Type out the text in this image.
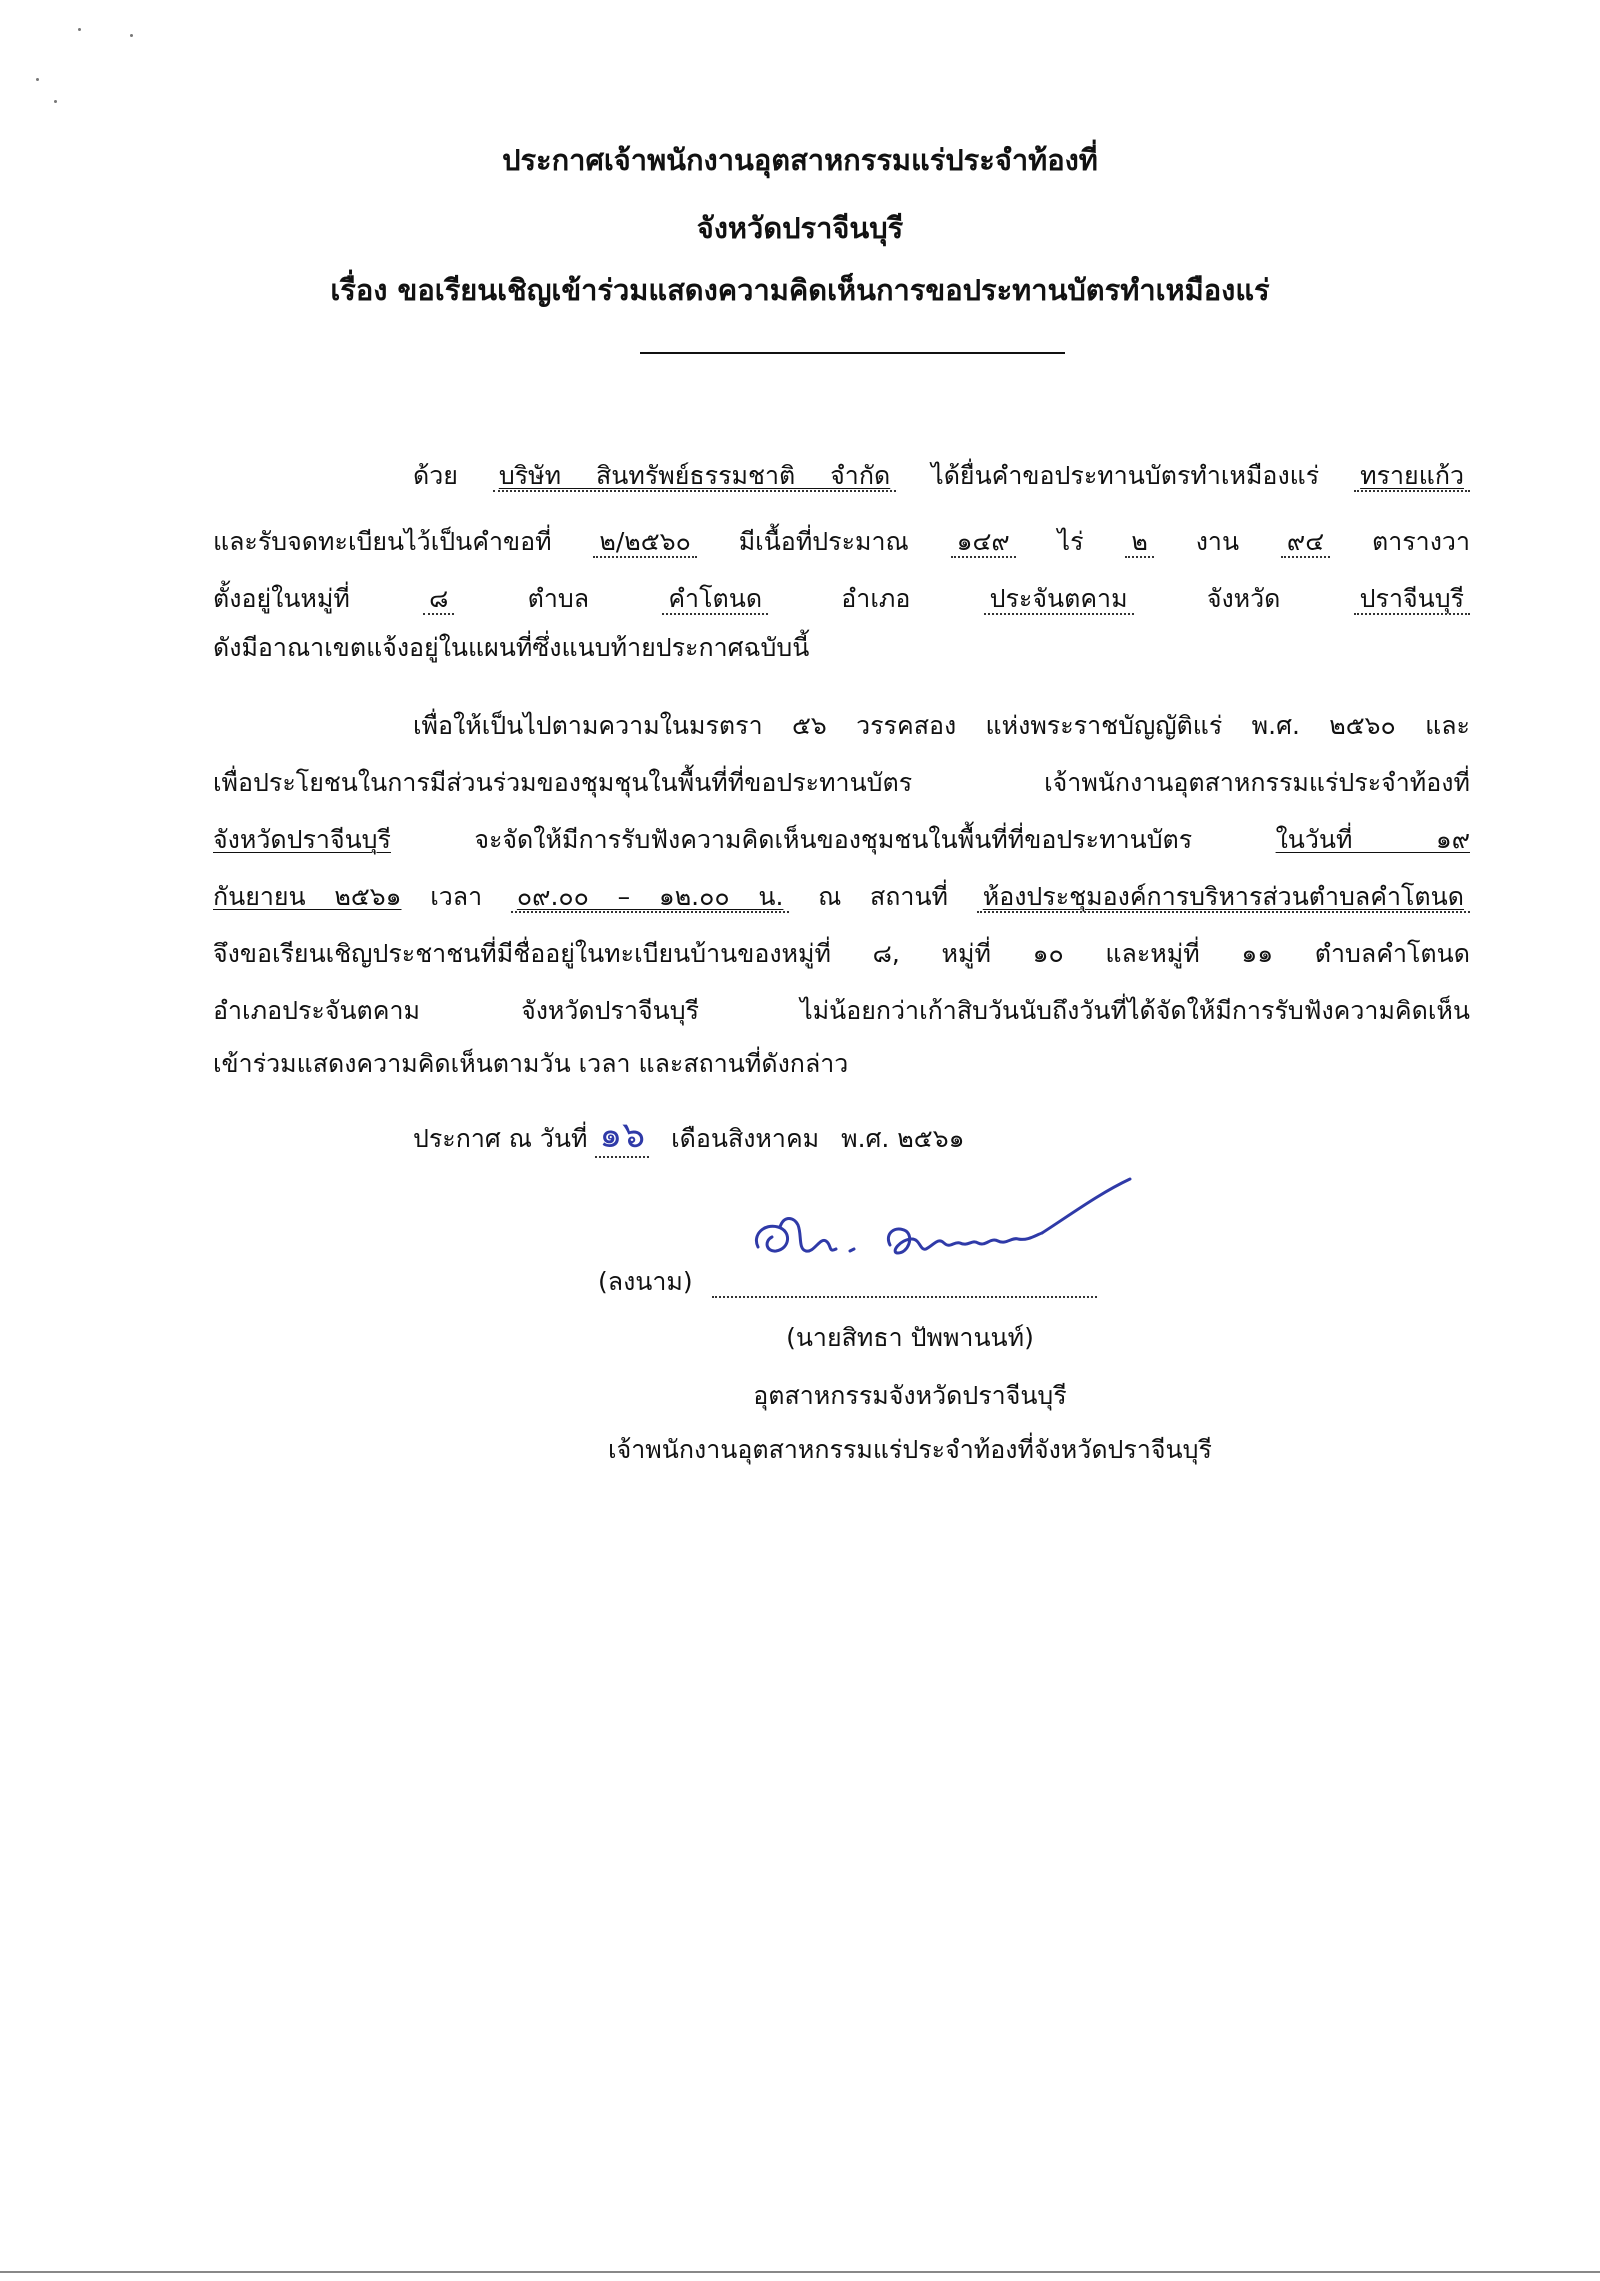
ประกาศเจ้าพนักงานอุตสาหกรรมแร่ประจำท้องที่
จังหวัดปราจีนบุรี
เรื่อง ขอเรียนเชิญเข้าร่วมแสดงความคิดเห็นการขอประทานบัตรทำเหมืองแร่
ด้วย บริษัท สินทรัพย์ธรรมชาติ จำกัด ได้ยื่นคำขอประทานบัตรทำเหมืองแร่ ทรายแก้ว
และรับจดทะเบียนไว้เป็นคำขอที่ ๒/๒๕๖๐ มีเนื้อที่ประมาณ ๑๔๙ ไร่ ๒ งาน ๙๔ ตารางวา
ตั้งอยู่ในหมู่ที่	๘	ตำบล	คำโตนด	อำเภอ	ประจันตคาม	จังหวัด	ปราจีนบุรี
ดังมีอาณาเขตแจ้งอยู่ในแผนที่ซึ่งแนบท้ายประกาศฉบับนี้
เพื่อให้เป็นไปตามความในมรตรา ๕๖ วรรคสอง แห่งพระราชบัญญัติแร่ พ.ศ. ๒๕๖๐ และ
เพื่อประโยชนในการมีส่วนร่วมของชุมชุนในพื้นที่ที่ขอประทานบัตร เจ้าพนักงานอุตสาหกรรมแร่ประจำท้องที่
จังหวัดปราจีนบุรี	จะจัดให้มีการรับฟังความคิดเห็นของชุมชนในพื้นที่ที่ขอประทานบัตร	ในวันที่ ๑๙
กันยายน ๒๕๖๑ เวลา ๐๙.๐๐ – ๑๒.๐๐ น. ณ สถานที่ ห้องประชุมองค์การบริหารส่วนตำบลคำโตนด
จึงขอเรียนเชิญประชาชนที่มีชื่ออยู่ในทะเบียนบ้านของหมู่ที่ ๘, หมู่ที่ ๑๐ และหมู่ที่ ๑๑ ตำบลคำโตนด
อำเภอประจันตคาม จังหวัดปราจีนบุรี ไม่น้อยกว่าเก้าสิบวันนับถึงวันที่ได้จัดให้มีการรับฟังความคิดเห็น
เข้าร่วมแสดงความคิดเห็นตามวัน เวลา และสถานที่ดังกล่าว
ประกาศ ณ วันที่ ๑๖ เดือนสิงหาคม พ.ศ. ๒๕๖๑
(ลงนาม)
(นายสิทธา ปัพพานนท์)
อุตสาหกรรมจังหวัดปราจีนบุรี
เจ้าพนักงานอุตสาหกรรมแร่ประจำท้องที่จังหวัดปราจีนบุรี
